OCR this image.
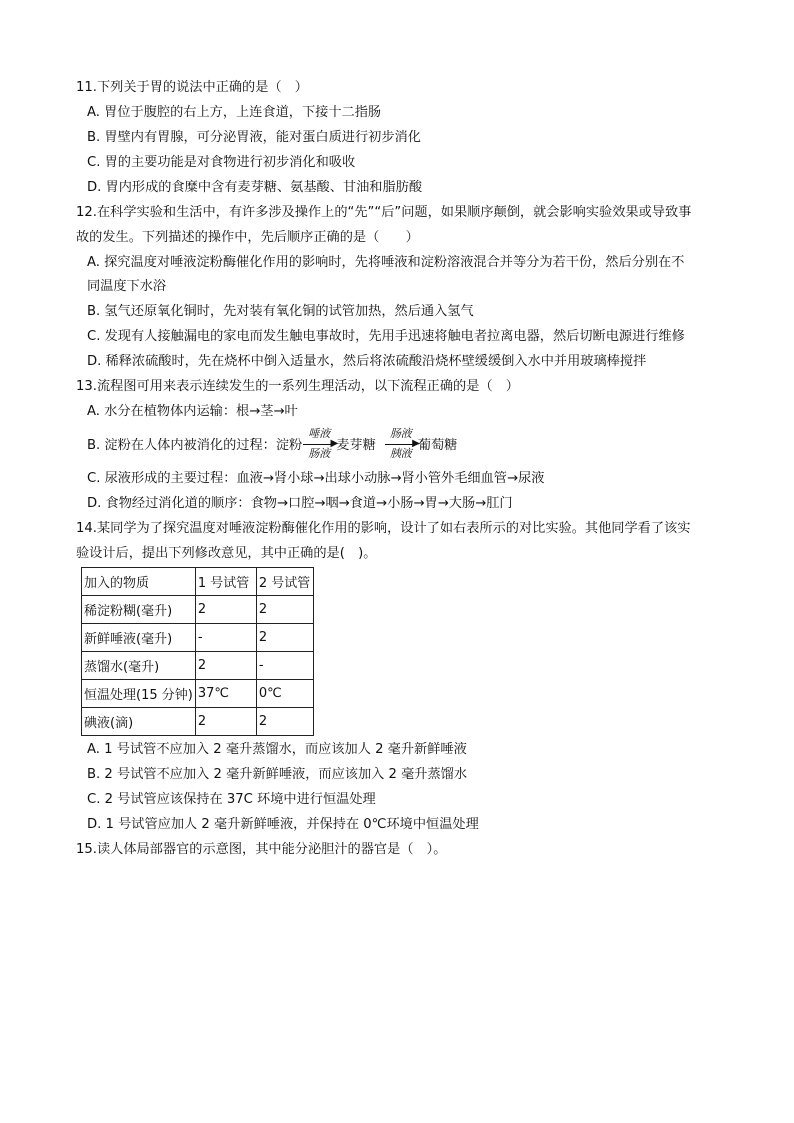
11.下列关于胃的说法中正确的是（　）
A. 胃位于腹腔的右上方，上连食道，下接十二指肠
B. 胃壁内有胃腺，可分泌胃液，能对蛋白质进行初步消化
C. 胃的主要功能是对食物进行初步消化和吸收
D. 胃内形成的食糜中含有麦芽糖、氨基酸、甘油和脂肪酸
12.在科学实验和生活中，有许多涉及操作上的“先”“后”问题，如果顺序颠倒，就会影响实验效果或导致事
故的发生。下列描述的操作中，先后顺序正确的是（　　）
A. 探究温度对唾液淀粉酶催化作用的影响时，先将唾液和淀粉溶液混合并等分为若干份，然后分别在不
同温度下水浴
B. 氢气还原氧化铜时，先对装有氧化铜的试管加热，然后通入氢气
C. 发现有人接触漏电的家电而发生触电事故时，先用手迅速将触电者拉离电器，然后切断电源进行维修
D. 稀释浓硫酸时，先在烧杯中倒入适量水，然后将浓硫酸沿烧杯壁缓缓倒入水中并用玻璃棒搅拌
13.流程图可用来表示连续发生的一系列生理活动，以下流程正确的是（　）
A. 水分在植物体内运输：根→茎→叶
B. 淀粉在人体内被消化的过程：淀粉
唾液
▶
肠液
麦芽糖
肠液
▶
胰液
葡萄糖
C. 尿液形成的主要过程：血液→肾小球→出球小动脉→肾小管外毛细血管→尿液
D. 食物经过消化道的顺序：食物→口腔→咽→食道→小肠→胃→大肠→肛门
14.某同学为了探究温度对唾液淀粉酶催化作用的影响，设计了如右表所示的对比实验。其他同学看了该实
验设计后，提出下列修改意见，其中正确的是(　)。
加入的物质	1 号试管	2 号试管
稀淀粉糊(毫升)	2	2
新鲜唾液(毫升)	-	2
蒸馏水(毫升)	2	-
恒温处理(15 分钟)	37℃	0℃
碘液(滴)	2	2
A. 1 号试管不应加入 2 毫升蒸馏水，而应该加人 2 毫升新鲜唾液
B. 2 号试管不应加入 2 毫升新鲜唾液，而应该加入 2 毫升蒸馏水
C. 2 号试管应该保持在 37C 环境中进行恒温处理
D. 1 号试管应加人 2 毫升新鲜唾液，并保持在 0℃环境中恒温处理
15.读人体局部器官的示意图，其中能分泌胆汁的器官是（　）。
